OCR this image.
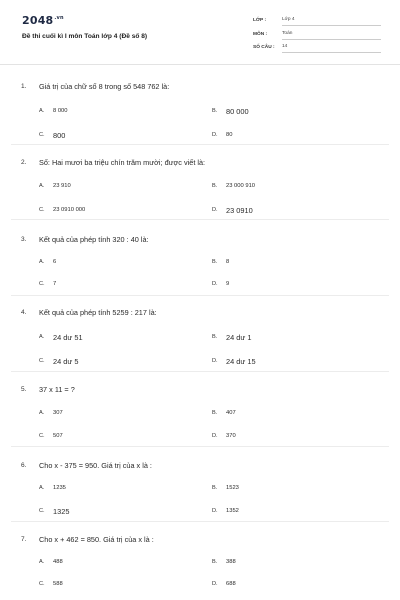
$2048^{.vn}$
Đề thi cuối kì I môn Toán lớp 4 (Đề số 8)
LỚP :	Lớp 4
MÔN :	Toán
SỐ CÂU :	14
1.	Giá trị của chữ số 8 trong số 548 762 là:
A.	8 000	B.	80 000
C.	800	D.	80
2.	Số: Hai mươi ba triệu chín trăm mười; được viết là:
A.	23 910	B.	23 000 910
C.	23 0910 000	D.	23 0910
3.	Kết quả của phép tính 320 : 40 là:
A.	6	B.	8
C.	7	D.	9
4.	Kết quả của phép tính 5259 : 217 là:
A.	24 dư 51	B.	24 dư 1
C.	24 dư 5	D.	24 dư 15
5.	37 x 11 = ?
A.	307	B.	407
C.	507	D.	370
6.	Cho x - 375 = 950. Giá trị của x là :
A.	1235	B.	1523
C.	1325	D.	1352
7.	Cho x + 462 = 850. Giá trị của x là :
A.	488	B.	388
C.	588	D.	688
